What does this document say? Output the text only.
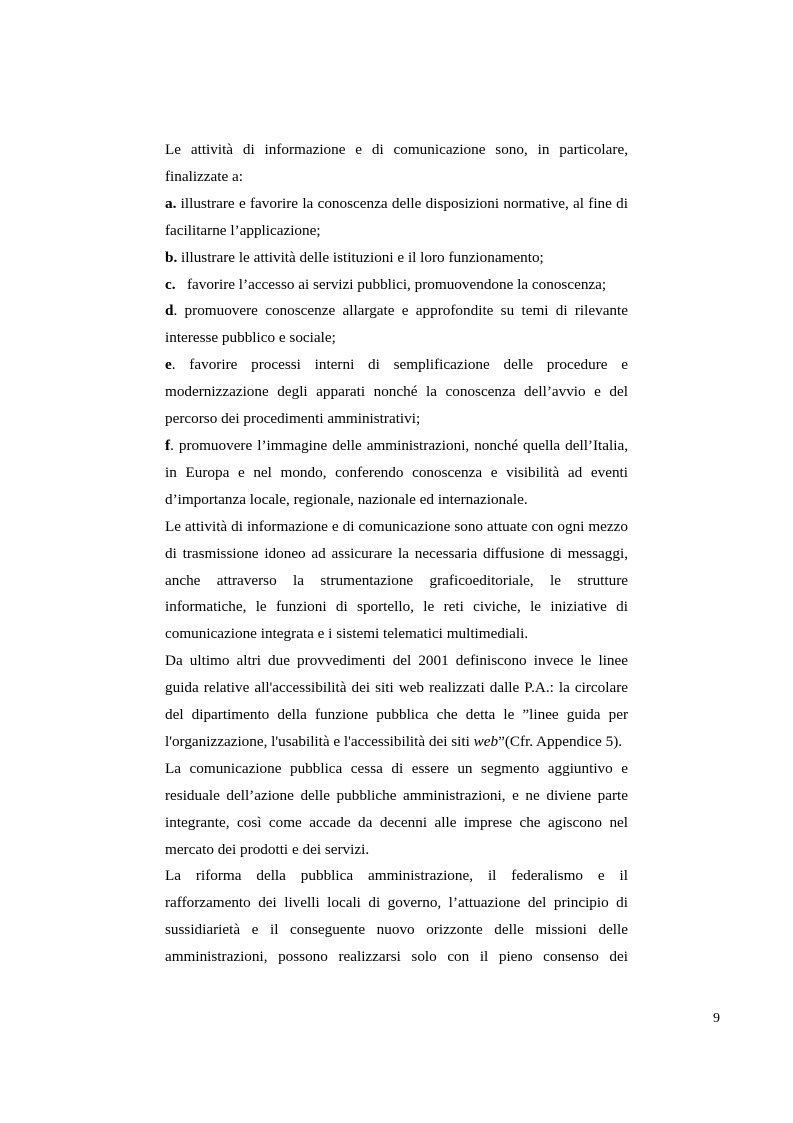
Le attività di informazione e di comunicazione sono, in particolare, finalizzate a:

a. illustrare e favorire la conoscenza delle disposizioni normative, al fine di facilitarne l’applicazione;

b. illustrare le attività delle istituzioni e il loro funzionamento;

c.   favorire l’accesso ai servizi pubblici, promuovendone la conoscenza;

d. promuovere conoscenze allargate e approfondite su temi di rilevante interesse pubblico e sociale;

e. favorire processi interni di semplificazione delle procedure e modernizzazione degli apparati nonché la conoscenza dell’avvio e del percorso dei procedimenti amministrativi;

f. promuovere l’immagine delle amministrazioni, nonché quella dell’Italia, in Europa e nel mondo, conferendo conoscenza e visibilità ad eventi d’importanza locale, regionale, nazionale ed internazionale.

Le attività di informazione e di comunicazione sono attuate con ogni mezzo di trasmissione idoneo ad assicurare la necessaria diffusione di messaggi, anche attraverso la strumentazione graficoeditoriale, le strutture informatiche, le funzioni di sportello, le reti civiche, le iniziative di comunicazione integrata e i sistemi telematici multimediali.

Da ultimo altri due provvedimenti del 2001 definiscono invece le linee guida relative all'accessibilità dei siti web realizzati dalle P.A.: la circolare del dipartimento della funzione pubblica che detta le ”linee guida per l'organizzazione, l'usabilità e l'accessibilità dei siti web”(Cfr. Appendice 5).

La comunicazione pubblica cessa di essere un segmento aggiuntivo e residuale dell’azione delle pubbliche amministrazioni, e ne diviene parte integrante, così come accade da decenni alle imprese che agiscono nel mercato dei prodotti e dei servizi.

La riforma della pubblica amministrazione, il federalismo e il rafforzamento dei livelli locali di governo, l’attuazione del principio di sussidiarietà e il conseguente nuovo orizzonte delle missioni delle amministrazioni, possono realizzarsi solo con il pieno consenso dei

9
